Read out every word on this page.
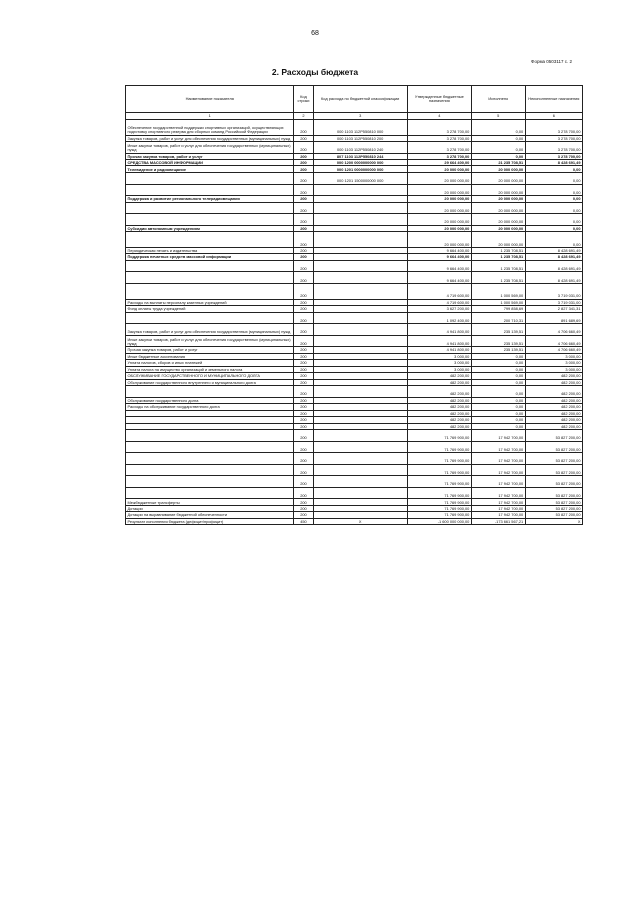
68
Форма 0503117 с. 2
2. Расходы бюджета
Наименование показателя	Код строки	Код расхода по бюджетной классификации	Утвержденные бюджетные назначения	Исполнено	Неисполненные назначения
1	2	3	4	5	6
Обеспечение государственной поддержки спортивных организаций, осуществляющих подготовку спортивного резерва для сборных команд Российской Федерации	200	000 1103 112Р550810 000	3 278 700,00	0,00	3 278 700,00
Закупка товаров, работ и услуг для обеспечения государственных (муниципальных) нужд	200	000 1103 112Р550810 200	3 278 700,00	0,00	3 278 700,00
Иные закупки товаров, работ и услуг для обеспечения государственных (муниципальных) нужд	200	000 1103 112Р550810 240	3 278 700,00	0,00	3 278 700,00
Прочая закупка товаров, работ и услуг	200	807 1103 112Р550810 244	3 278 700,00	0,00	3 278 700,00
СРЕДСТВА МАССОВОЙ ИНФОРМАЦИИ	200	000 1200 0000000000 000	29 664 400,00	21 235 708,51	8 428 691,49
Телевидение и радиовещание	200	000 1201 0000000000 000	20 000 000,00	20 000 000,00	0,00
	200	000 1201 1500000000 000	20 000 000,00	20 000 000,00	0,00
	200		20 000 000,00	20 000 000,00	0,00
Поддержка и развитие регионального телерадиовещания	200		20 000 000,00	20 000 000,00	0,00
	200		20 000 000,00	20 000 000,00	0,00
	200		20 000 000,00	20 000 000,00	0,00
Субсидии автономным учреждениям	200		20 000 000,00	20 000 000,00	0,00
	200		20 000 000,00	20 000 000,00	0,00
Периодическая печать и издательства	200		9 664 400,00	1 235 708,51	8 428 691,49
Поддержка печатных средств массовой информации	200		9 664 400,00	1 235 708,51	8 428 691,49
	200		9 664 400,00	1 235 708,51	8 428 691,49
	200		9 664 400,00	1 235 708,51	8 428 691,49
	200		4 719 600,00	1 000 569,00	3 719 031,00
Расходы на выплаты персоналу казенных учреждений	200		4 719 600,00	1 000 569,00	3 719 031,00
Фонд оплаты труда учреждений	200		3 627 200,00	799 858,69	2 827 341,31
	200		1 092 400,00	200 710,31	891 689,69
Закупка товаров, работ и услуг для обеспечения государственных (муниципальных) нужд	200		4 941 800,00	235 139,51	4 706 660,49
Иные закупки товаров, работ и услуг для обеспечения государственных (муниципальных) нужд	200		4 941 800,00	235 139,51	4 706 660,49
Прочая закупка товаров, работ и услуг	200		4 941 800,00	235 139,51	4 706 660,49
Иные бюджетные ассигнования	200		3 000,00	0,00	3 000,00
Уплата налогов, сборов и иных платежей	200		3 000,00	0,00	3 000,00
Уплата налога на имущество организаций и земельного налога	200		3 000,00	0,00	3 000,00
ОБСЛУЖИВАНИЕ ГОСУДАРСТВЕННОГО И МУНИЦИПАЛЬНОГО ДОЛГА	200		482 200,00	0,00	482 200,00
Обслуживание государственного внутреннего и муниципального долга	200		482 200,00	0,00	482 200,00
	200		482 200,00	0,00	482 200,00
Обслуживание государственного долга	200		482 200,00	0,00	482 200,00
Расходы на обслуживание государственного долга	200		482 200,00	0,00	482 200,00
	200		482 200,00	0,00	482 200,00
	200		482 200,00	0,00	482 200,00
	200		482 200,00	0,00	482 200,00
	200		71 769 900,00	17 942 700,00	53 827 200,00
	200		71 769 900,00	17 942 700,00	53 827 200,00
	200		71 769 900,00	17 942 700,00	53 827 200,00
	200		71 769 900,00	17 942 700,00	53 827 200,00
	200		71 769 900,00	17 942 700,00	53 827 200,00
	200		71 769 900,00	17 942 700,00	53 827 200,00
Межбюджетные трансферты	200		71 769 900,00	17 942 700,00	53 827 200,00
Дотации	200		71 769 900,00	17 942 700,00	53 827 200,00
Дотации на выравнивание бюджетной обеспеченности	200		71 769 900,00	17 942 700,00	53 827 200,00
Результат исполнения бюджета (дефицит/профицит)	450	X	-1 600 000 000,00	-173 661 567,21	X
